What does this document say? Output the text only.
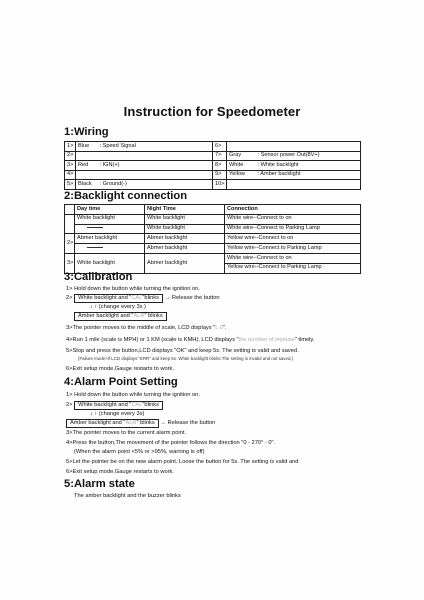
Instruction for Speedometer
1:Wiring
1>	Blue	: Speed Signal	6>		
2>			7>	Gray	: Sensor power Out(8V+)
3>	Red	: IGN(+)	8>	White	: White backlight
4>			9>	Yellow	: Amber backlight
5>	Black	: Ground(-)	10>		
2:Backlight connection
	Day time	Night Time	Connection
	White backlight	White backlight	White wire--Connect to on
		White backlight	White wire--Connect to Parking Lamp
2>	Abmer backlight	Abmer backlight	Yellow wire--Connect to on
		Abmer backlight	Yellow wire--Connect to Parking Lamp
3>	White backlight	Abmer backlight	White wire--Connect to on
			Yellow wire--Connect to Parking Lamp
3:Calibration
1> Hold down the button while turning the ignition on.
2> White backlight and "CAL"blinks → Release the button
↓ ↑ (change every 3s )
Amber backlight and "ALR" blinks
3>The pointer moves to the middle of scale, LCD displays "L 0".
4>Run 1 mile (scale is MPH) or 1 KM (scale is KMH), LCD displays "the number of impluse" timely.
5>Stop and press the button,LCD displays "OK" and keep 5s. The setting is valid and saved.
(Failure mode>If LCD displays "ERR" and keep 5s. White backlight blinks.The setting is invalid and not saved.)
6>Exit setup mode,Gauge restarts to work.
4:Alarm Point Setting
1> Hold down the button while turning the ignition on.
2> White backlight and "CAL"blinks
↓ ↑ (change every 3s)
Amber backlight and "ALR" blinks → Release the button
3>The pointer moves to the current alarm point.
4>Press the button,The movement of the pointer follows the direction "0 - 270° - 0".
(When the alarm point <5% or >95%, warning is off)
5>Let the pointer be on the new alarm point. Loose the button for 5s. The setting is valid and
6>Exit setup mode,Gauge restarts to work.
5:Alarm state
The amber backlight and the buzzer blinks
